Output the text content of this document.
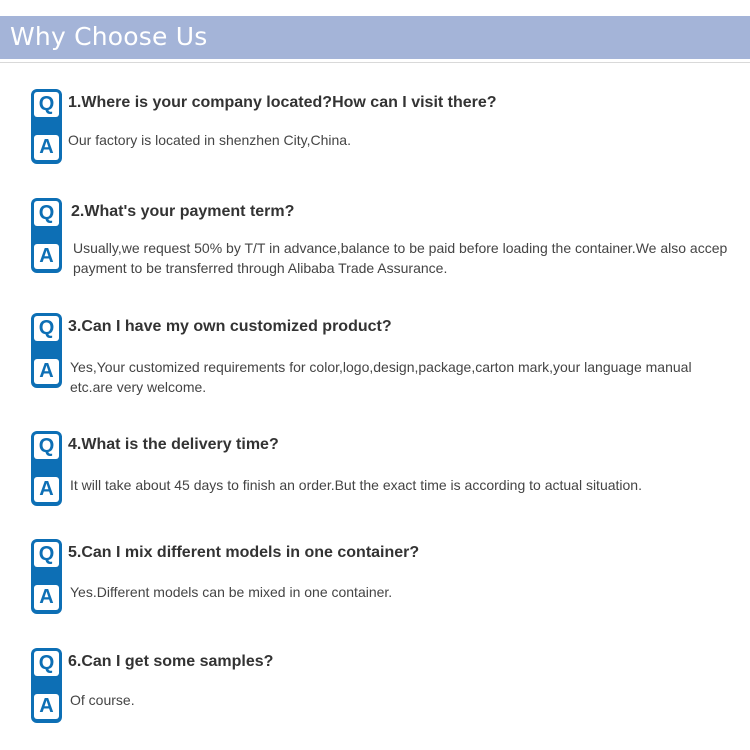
Why Choose Us
Q
A
1.Where is your company located?How can I visit there?
Our factory is located in shenzhen City,China.
Q
A
2.What's your payment term?
Usually,we request 50% by T/T in advance,balance to be paid before loading the container.We also accep payment to be transferred through Alibaba Trade Assurance.
Q
A
3.Can I have my own customized product?
Yes,Your customized requirements for color,logo,design,package,carton mark,your language manual etc.are very welcome.
Q
A
4.What is the delivery time?
It will take about 45 days to finish an order.But the exact time is according to actual situation.
Q
A
5.Can I mix different models in one container?
Yes.Different models can be mixed in one container.
Q
A
6.Can I get some samples?
Of course.
